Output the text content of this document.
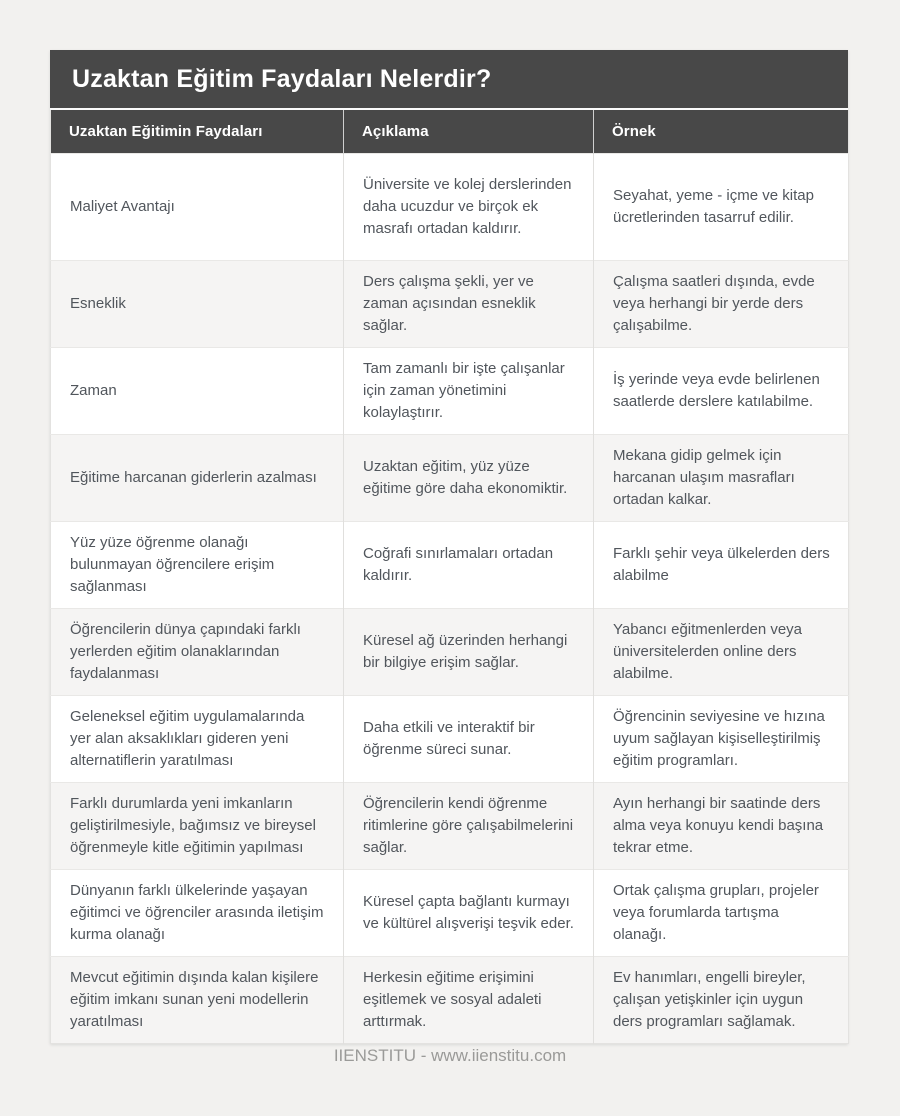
Uzaktan Eğitim Faydaları Nelerdir?
Uzaktan Eğitimin Faydaları	Açıklama	Örnek
Maliyet Avantajı	Üniversite ve kolej derslerinden daha ucuzdur ve birçok ek masrafı ortadan kaldırır.	Seyahat, yeme - içme ve kitap ücretlerinden tasarruf edilir.
Esneklik	Ders çalışma şekli, yer ve zaman açısından esneklik sağlar.	Çalışma saatleri dışında, evde veya herhangi bir yerde ders çalışabilme.
Zaman	Tam zamanlı bir işte çalışanlar için zaman yönetimini kolaylaştırır.	İş yerinde veya evde belirlenen saatlerde derslere katılabilme.
Eğitime harcanan giderlerin azalması	Uzaktan eğitim, yüz yüze eğitime göre daha ekonomiktir.	Mekana gidip gelmek için harcanan ulaşım masrafları ortadan kalkar.
Yüz yüze öğrenme olanağı bulunmayan öğrencilere erişim sağlanması	Coğrafi sınırlamaları ortadan kaldırır.	Farklı şehir veya ülkelerden ders alabilme
Öğrencilerin dünya çapındaki farklı yerlerden eğitim olanaklarından faydalanması	Küresel ağ üzerinden herhangi bir bilgiye erişim sağlar.	Yabancı eğitmenlerden veya üniversitelerden online ders alabilme.
Geleneksel eğitim uygulamalarında yer alan aksaklıkları gideren yeni alternatiflerin yaratılması	Daha etkili ve interaktif bir öğrenme süreci sunar.	Öğrencinin seviyesine ve hızına uyum sağlayan kişiselleştirilmiş eğitim programları.
Farklı durumlarda yeni imkanların geliştirilmesiyle, bağımsız ve bireysel öğrenmeyle kitle eğitimin yapılması	Öğrencilerin kendi öğrenme ritimlerine göre çalışabilmelerini sağlar.	Ayın herhangi bir saatinde ders alma veya konuyu kendi başına tekrar etme.
Dünyanın farklı ülkelerinde yaşayan eğitimci ve öğrenciler arasında iletişim kurma olanağı	Küresel çapta bağlantı kurmayı ve kültürel alışverişi teşvik eder.	Ortak çalışma grupları, projeler veya forumlarda tartışma olanağı.
Mevcut eğitimin dışında kalan kişilere eğitim imkanı sunan yeni modellerin yaratılması	Herkesin eğitime erişimini eşitlemek ve sosyal adaleti arttırmak.	Ev hanımları, engelli bireyler, çalışan yetişkinler için uygun ders programları sağlamak.
IIENSTITU - www.iienstitu.com
